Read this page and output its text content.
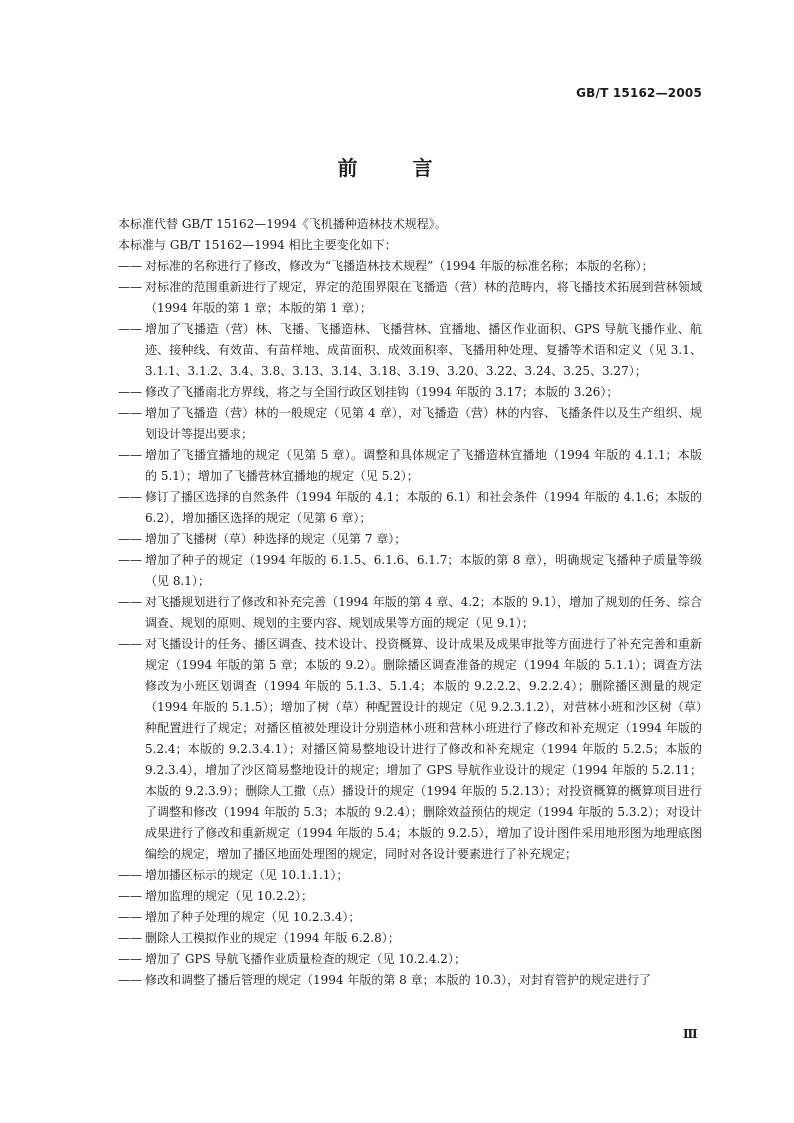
GB/T 15162—2005
前 言

本标准代替 GB/T 15162—1994《飞机播种造林技术规程》。

本标准与 GB/T 15162—1994 相比主要变化如下：

—— 对标准的名称进行了修改，修改为“飞播造林技术规程”（1994 年版的标准名称；本版的名称）；

—— 对标准的范围重新进行了规定，界定的范围界限在飞播造（营）林的范畴内，将飞播技术拓展到营林领域（1994 年版的第 1 章；本版的第 1 章）；

—— 增加了飞播造（营）林、飞播、飞播造林、飞播营林、宜播地、播区作业面积、GPS 导航飞播作业、航迹、接种线、有效苗、有苗样地、成苗面积、成效面积率、飞播用种处理、复播等术语和定义（见 3.1、3.1.1、3.1.2、3.4、3.8、3.13、3.14、3.18、3.19、3.20、3.22、3.24、3.25、3.27）；

—— 修改了飞播南北方界线，将之与全国行政区划挂钩（1994 年版的 3.17；本版的 3.26）；

—— 增加了飞播造（营）林的一般规定（见第 4 章），对飞播造（营）林的内容、飞播条件以及生产组织、规划设计等提出要求；

—— 增加了飞播宜播地的规定（见第 5 章）。调整和具体规定了飞播造林宜播地（1994 年版的 4.1.1；本版的 5.1）；增加了飞播营林宜播地的规定（见 5.2）；

—— 修订了播区选择的自然条件（1994 年版的 4.1；本版的 6.1）和社会条件（1994 年版的 4.1.6；本版的 6.2），增加播区选择的规定（见第 6 章）；

—— 增加了飞播树（草）种选择的规定（见第 7 章）；

—— 增加了种子的规定（1994 年版的 6.1.5、6.1.6、6.1.7；本版的第 8 章），明确规定飞播种子质量等级（见 8.1）；

—— 对飞播规划进行了修改和补充完善（1994 年版的第 4 章、4.2；本版的 9.1），增加了规划的任务、综合调查、规划的原则、规划的主要内容、规划成果等方面的规定（见 9.1）；

—— 对飞播设计的任务、播区调查、技术设计、投资概算、设计成果及成果审批等方面进行了补充完善和重新规定（1994 年版的第 5 章；本版的 9.2）。删除播区调查准备的规定（1994 年版的 5.1.1）；调查方法修改为小班区划调查（1994 年版的 5.1.3、5.1.4；本版的 9.2.2.2、9.2.2.4）；删除播区测量的规定（1994 年版的 5.1.5）；增加了树（草）种配置设计的规定（见 9.2.3.1.2），对营林小班和沙区树（草）种配置进行了规定；对播区植被处理设计分别造林小班和营林小班进行了修改和补充规定（1994 年版的 5.2.4；本版的 9.2.3.4.1）；对播区简易整地设计进行了修改和补充规定（1994 年版的 5.2.5；本版的 9.2.3.4），增加了沙区简易整地设计的规定；增加了 GPS 导航作业设计的规定（1994 年版的 5.2.11；本版的 9.2.3.9）；删除人工撒（点）播设计的规定（1994 年版的 5.2.13）；对投资概算的概算项目进行了调整和修改（1994 年版的 5.3；本版的 9.2.4）；删除效益预估的规定（1994 年版的 5.3.2）；对设计成果进行了修改和重新规定（1994 年版的 5.4；本版的 9.2.5），增加了设计图件采用地形图为地理底图编绘的规定，增加了播区地面处理图的规定，同时对各设计要素进行了补充规定；

—— 增加播区标示的规定（见 10.1.1.1）；

—— 增加监理的规定（见 10.2.2）；

—— 增加了种子处理的规定（见 10.2.3.4）；

—— 删除人工模拟作业的规定（1994 年版 6.2.8）；

—— 增加了 GPS 导航飞播作业质量检查的规定（见 10.2.4.2）；

—— 修改和调整了播后管理的规定（1994 年版的第 8 章；本版的 10.3），对封育管护的规定进行了

Ⅲ
